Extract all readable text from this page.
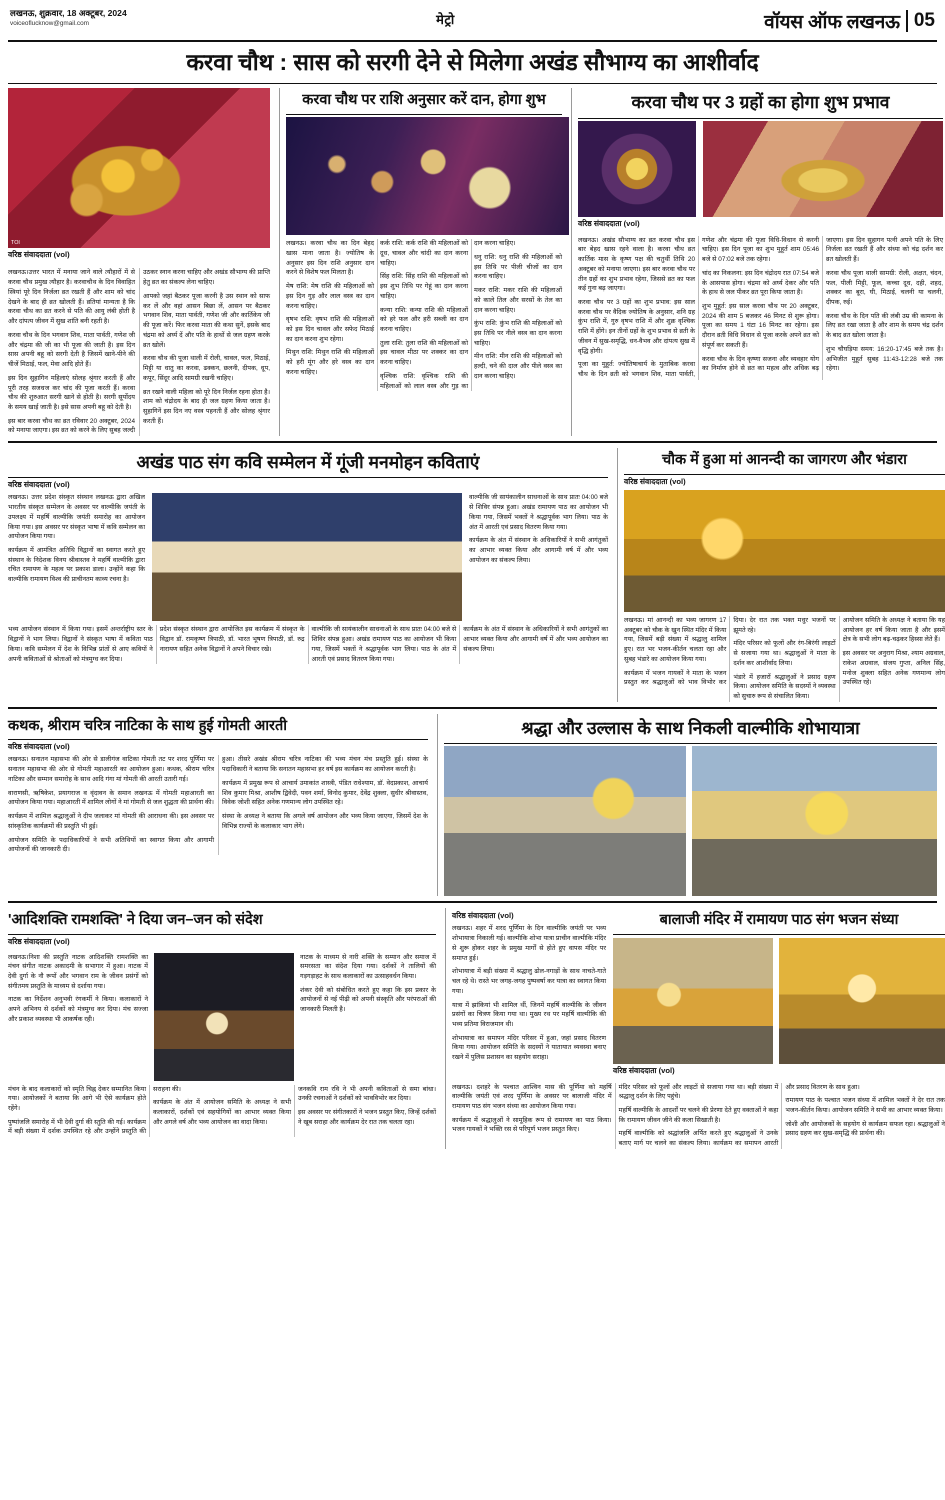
लखनऊ, शुक्रवार, 18 अक्टूबर, 2024
voiceoflucknow@gmail.com	मेट्रो	वॉयस ऑफ लखनऊ 05
करवा चौथ : सास को सरगी देने से मिलेगा अखंड सौभाग्य का आशीर्वाद
TOI
वरिष्ठ संवाददाता (vol)

लखनऊ।उत्तर भारत में मनाया जाने वाले त्यौहारों में से करवा चौथ प्रमुख त्यौहार है। करवाचौथ के दिन विवाहित स्त्रियां पूरे दिन निर्जला व्रत रखती हैं और शाम को चांद देखने के बाद ही व्रत खोलती हैं। व्रतियां मान्यता है कि करवा चौथ का व्रत करने से पति की आयु लंबी होती है और दांपत्य जीवन में सुख शांति बनी रहती है।

करवा चौथ के दिन भगवान शिव, माता पार्वती, गणेश जी और चंद्रमा की जी का भी पूजा की जाती है। इस दिन सास अपनी बहू को सरगी देती है जिसमें खाने-पीने की चीजें मिठाई, फल, मेवा आदि होते हैं।

इस दिन सुहागिन महिलाएं सोलह श्रृंगार करती हैं और पूरी तरह सजधज कर चांद की पूजा करती हैं। करवा चौथ की शुरुआत सरगी खाने से होती है। सरगी सूर्योदय के समय खाई जाती है। इसे सास अपनी बहू को देती है।

इस बार करवा चौथ का व्रत रविवार 20 अक्टूबर, 2024 को मनाया जाएगा। इस व्रत को करने के लिए सुबह जल्दी उठकर स्नान करना चाहिए और अखंड सौभाग्य की प्राप्ति हेतु व्रत का संकल्प लेना चाहिए।

आपको जहां बैठकर पूजा करनी है उस स्थान को साफ कर लें और वहां आसन बिछा लें, आसन पर बैठकर भगवान शिव, माता पार्वती, गणेश जी और कार्तिकेय जी की पूजा करें। फिर करवा माता की कथा सुनें, इसके बाद चंद्रमा को अर्घ्य दें और पति के हाथों से जल ग्रहण करके व्रत खोलें।

करवा चौथ की पूजा थाली में रोली, चावल, फल, मिठाई, मिट्टी या धातु का करवा, ढक्कन, छलनी, दीपक, धूप, कपूर, सिंदूर आदि सामग्री रखनी चाहिए।

व्रत रखने वाली महिला को पूरे दिन निर्जल रहना होता है। शाम को चंद्रोदय के बाद ही जल ग्रहण किया जाता है। सुहागिनें इस दिन नए वस्त्र पहनती हैं और सोलह श्रृंगार करती हैं।

करवा चौथ पर राशि अनुसार करें दान, होगा शुभ

लखनऊ। करवा चौथ का दिन बेहद खास माना जाता है। ज्योतिष के अनुसार इस दिन राशि अनुसार दान करने से विशेष फल मिलता है।

मेष राशि: मेष राशि की महिलाओं को इस दिन गुड़ और लाल वस्त्र का दान करना चाहिए।

वृषभ राशि: वृषभ राशि की महिलाओं को इस दिन चावल और सफेद मिठाई का दान करना शुभ रहेगा।

मिथुन राशि: मिथुन राशि की महिलाओं को हरी मूंग और हरे वस्त्र का दान करना चाहिए।

कर्क राशि: कर्क राशि की महिलाओं को दूध, चावल और चांदी का दान करना चाहिए।

सिंह राशि: सिंह राशि की महिलाओं को इस शुभ तिथि पर गेहूं का दान करना चाहिए।

कन्या राशि: कन्या राशि की महिलाओं को हरे फल और हरी सब्जी का दान करना चाहिए।

तुला राशि: तुला राशि की महिलाओं को इस चावल मीठा पर शक्कर का दान करना चाहिए।

वृश्चिक राशि: वृश्चिक राशि की महिलाओं को लाल वस्त्र और गुड़ का दान करना चाहिए।

धनु राशि: धनु राशि की महिलाओं को इस तिथि पर पीली चीजों का दान करना चाहिए।

मकर राशि: मकर राशि की महिलाओं को काले तिल और सरसों के तेल का दान करना चाहिए।

कुंभ राशि: कुंभ राशि की महिलाओं को इस तिथि पर नीले वस्त्र का दान करना चाहिए।

मीन राशि: मीन राशि की महिलाओं को हल्दी, चने की दाल और पीले वस्त्र का दान करना चाहिए।

करवा चौथ पर 3 ग्रहों का होगा शुभ प्रभाव
वरिष्ठ संवाददाता (vol)

लखनऊ। अखंड सौभाग्य का व्रत करवा चौथ इस बार बेहद खास रहने वाला है। करवा चौथ व्रत कार्तिक मास के कृष्ण पक्ष की चतुर्थी तिथि 20 अक्टूबर को मनाया जाएगा। इस बार करवा चौथ पर तीन ग्रहों का शुभ प्रभाव रहेगा, जिससे व्रत का फल कई गुना बढ़ जाएगा।

करवा चौथ पर 3 ग्रहों का शुभ प्रभाव: इस साल करवा चौथ पर वैदिक ज्योतिष के अनुसार, शनि ग्रह कुंभ राशि में, गुरु वृषभ राशि में और शुक्र वृश्चिक राशि में होंगे। इन तीनों ग्रहों के शुभ प्रभाव से व्रती के जीवन में सुख-समृद्धि, धन-वैभव और दांपत्य सुख में वृद्धि होगी।

पूजा का मुहूर्त: ज्योतिषाचार्य के मुताबिक करवा चौथ के दिन व्रती को भगवान शिव, माता पार्वती, गणेश और चंद्रमा की पूजा विधि-विधान से करनी चाहिए। इस दिन पूजा का शुभ मुहूर्त शाम 05:46 बजे से 07:02 बजे तक रहेगा।

चांद का निकलना: इस दिन चंद्रोदय रात 07:54 बजे के आसपास होगा। चंद्रमा को अर्घ्य देकर और पति के हाथ से जल पीकर व्रत पूरा किया जाता है।

शुभ मुहूर्त: इस साल करवा चौथ पर 20 अक्टूबर, 2024 की शाम 5 बजकर 46 मिनट से शुरू होगा। पूजा का समय 1 घंटा 16 मिनट का रहेगा। इस दौरान व्रती विधि विधान से पूजा करके अपने व्रत को संपूर्ण कर सकती हैं।

करवा चौथ के दिन कृष्णा सजना और व्यवहार योग का निर्माण होने से व्रत का महत्व और अधिक बढ़ जाएगा। इस दिन सुहागन पत्नी अपने पति के लिए निर्जला व्रत रखती हैं और संध्या को चंद्र दर्शन कर व्रत खोलती हैं।

करवा चौथ पूजा थाली सामग्री: रोली, अक्षत, चंदन, फल, पीली मिट्टी, फूल, कच्चा दूध, दही, शहद, शक्कर का बूरा, घी, मिठाई, चलनी या चलनी, दीपक, रुई।

करवा चौथ के दिन पति की लंबी उम्र की कामना के लिए व्रत रखा जाता है और शाम के समय चंद्र दर्शन के बाद व्रत खोला जाता है।

शुभ चौघड़िया समय: 16:20-17:45 बजे तक है। अभिजीत मुहूर्त सुबह 11:43-12:28 बजे तक रहेगा।

अखंड पाठ संग कवि सम्मेलन में गूंजी मनमोहन कविताएं
वरिष्ठ संवाददाता (vol)

लखनऊ। उत्तर प्रदेश संस्कृत संस्थान लखनऊ द्वारा अखिल भारतीय संस्कृत सम्मेलन के अवसर पर वाल्मीकि जयंती के उपलक्ष्य में महर्षि वाल्मीकि जयंती समारोह का आयोजन किया गया। इस अवसर पर संस्कृत भाषा में कवि सम्मेलन का आयोजन किया गया।

कार्यक्रम में आमंत्रित अतिथि विद्वानों का स्वागत करते हुए संस्थान के निदेशक विनय श्रीवास्तव ने महर्षि वाल्मीकि द्वारा रचित रामायण के महत्व पर प्रकाश डाला। उन्होंने कहा कि वाल्मीकि रामायण विश्व की प्राचीनतम काव्य रचना है।

वाल्मीकि जी सायंकालीन साधनाओं के साथ प्रातः 04:00 बजे से शिविर संपन्न हुआ। अखंड रामायण पाठ का आयोजन भी किया गया, जिसमें भक्तों ने श्रद्धापूर्वक भाग लिया। पाठ के अंत में आरती एवं प्रसाद वितरण किया गया।

कार्यक्रम के अंत में संस्थान के अधिकारियों ने सभी आगंतुकों का आभार व्यक्त किया और आगामी वर्ष में और भव्य आयोजन का संकल्प लिया।

भव्य आयोजन संस्थान में किया गया। इसमें अन्तर्राष्ट्रीय स्तर के विद्वानों ने भाग लिया। विद्वानों ने संस्कृत भाषा में कविता पाठ किया। कवि सम्मेलन में देश के विभिन्न प्रांतों से आए कवियों ने अपनी कविताओं से श्रोताओं को मंत्रमुग्ध कर दिया।

प्रदेश संस्कृत संस्थान द्वारा आयोजित इस कार्यक्रम में संस्कृत के विद्वान डॉ. रामकृष्ण त्रिपाठी, डॉ. भारत भूषण त्रिपाठी, डॉ. रुद्र नारायण सहित अनेक विद्वानों ने अपने विचार रखे।

वाल्मीकि जी सायंकालीन साधनाओं के साथ प्रातः 04:00 बजे से शिविर संपन्न हुआ। अखंड रामायण पाठ का आयोजन भी किया गया, जिसमें भक्तों ने श्रद्धापूर्वक भाग लिया। पाठ के अंत में आरती एवं प्रसाद वितरण किया गया।

कार्यक्रम के अंत में संस्थान के अधिकारियों ने सभी आगंतुकों का आभार व्यक्त किया और आगामी वर्ष में और भव्य आयोजन का संकल्प लिया।

चौक में हुआ मां आनन्दी का जागरण और भंडारा
वरिष्ठ संवाददाता (vol)

लखनऊ। मां आनन्दी का भव्य जागरण 17 अक्टूबर को चौक के खुन स्थित मंदिर में किया गया, जिसमें बड़ी संख्या में श्रद्धालु शामिल हुए। रात भर भजन-कीर्तन चलता रहा और सुबह भंडारे का आयोजन किया गया।

कार्यक्रम में भजन गायकों ने माता के भजन प्रस्तुत कर श्रद्धालुओं को भाव विभोर कर दिया। देर रात तक भक्त मधुर भजनों पर झूमते रहे।

मंदिर परिसर को फूलों और रंग-बिरंगी लाइटों से सजाया गया था। श्रद्धालुओं ने माता के दर्शन कर आशीर्वाद लिया।

भंडारे में हजारों श्रद्धालुओं ने प्रसाद ग्रहण किया। आयोजन समिति के सदस्यों ने व्यवस्था को सुचारु रूप से संचालित किया।

आयोजन समिति के अध्यक्ष ने बताया कि यह आयोजन हर वर्ष किया जाता है और इसमें क्षेत्र के सभी लोग बढ़-चढ़कर हिस्सा लेते हैं।

इस अवसर पर अनुराग मिश्रा, श्याम अग्रवाल, राकेश अग्रवाल, संजय गुप्ता, अनिल सिंह, मनोज शुक्ला सहित अनेक गणमान्य लोग उपस्थित रहे।

कथक, श्रीराम चरित्र नाटिका के साथ हुई गोमती आरती
वरिष्ठ संवाददाता (vol)

लखनऊ। सनातन महासभा की ओर से डालीगंज वाटिका गोमती तट पर शरद पूर्णिमा पर सनातन महासभा की ओर से गोमती महाआरती का आयोजन हुआ। कथक, श्रीराम चरित्र नाटिका और सम्मान समारोह के साथ आदि गंगा मां गोमती की आरती उतारी गई।

वाराणसी, ऋषिकेश, प्रयागराज व वृंदावन के समान लखनऊ में गोमती महाआरती का आयोजन किया गया। महाआरती में शामिल लोगों ने मां गोमती से जल शुद्धता की प्रार्थना की।

कार्यक्रम में शामिल श्रद्धालुओं ने दीप जलाकर मां गोमती की आराधना की। इस अवसर पर सांस्कृतिक कार्यक्रमों की प्रस्तुति भी हुई।

आयोजन समिति के पदाधिकारियों ने सभी अतिथियों का स्वागत किया और आगामी आयोजनों की जानकारी दी।

हुआ। तीसरे अखंड श्रीराम चरित्र नाटिका की भव्य मंचन मंच प्रस्तुति हुई। संस्था के पदाधिकारी ने बताया कि सनातन महासभा हर वर्ष इस कार्यक्रम का आयोजन करती है।

कार्यक्रम में प्रमुख रूप से आचार्य उमाकांत शास्त्री, पंडित राधेश्याम, डॉ. वेदप्रकाश, आचार्य शिव कुमार मिश्रा, आशीष द्विवेदी, पवन शर्मा, विनोद कुमार, देवेंद्र शुक्ला, सुधीर श्रीवास्तव, विवेक जोशी सहित अनेक गणमान्य लोग उपस्थित रहे।

संस्था के अध्यक्ष ने बताया कि अगले वर्ष आयोजन और भव्य किया जाएगा, जिसमें देश के विभिन्न राज्यों के कलाकार भाग लेंगे।

श्रद्धा और उल्लास के साथ निकली वाल्मीकि शोभायात्रा
'आदिशक्ति रामशक्ति' ने दिया जन–जन को संदेश
वरिष्ठ संवाददाता (vol)

लखनऊ।निशा की प्रस्तुति नाटक आदिशक्ति रामशक्ति का मंचन संगीत नाटक अकादमी के सभागार में हुआ। नाटक में देवी दुर्गा के नौ रूपों और भगवान राम के जीवन प्रसंगों को संगीतमय प्रस्तुति के माध्यम से दर्शाया गया।

नाटक का निर्देशन अनुभवी रंगकर्मी ने किया। कलाकारों ने अपने अभिनय से दर्शकों को मंत्रमुग्ध कर दिया। मंच सज्जा और प्रकाश व्यवस्था भी आकर्षक रही।

नाटक के माध्यम से नारी शक्ति के सम्मान और समाज में समरसता का संदेश दिया गया। दर्शकों ने तालियों की गड़गड़ाहट के साथ कलाकारों का उत्साहवर्धन किया।

शंकर देवी को संबोधित करते हुए कहा कि इस प्रकार के आयोजनों से नई पीढ़ी को अपनी संस्कृति और परंपराओं की जानकारी मिलती है।

मंचन के बाद कलाकारों को स्मृति चिह्न देकर सम्मानित किया गया। आयोजकों ने बताया कि आगे भी ऐसे कार्यक्रम होते रहेंगे।

पुष्पांजलि समारोह में भी देवी दुर्गा की स्तुति की गई। कार्यक्रम में बड़ी संख्या में दर्शक उपस्थित रहे और उन्होंने प्रस्तुति की सराहना की।

कार्यक्रम के अंत में आयोजन समिति के अध्यक्ष ने सभी कलाकारों, दर्शकों एवं सहयोगियों का आभार व्यक्त किया और अगले वर्ष और भव्य आयोजन का वादा किया।

जनकवि राम रवि ने भी अपनी कविताओं से समा बांधा। उनकी रचनाओं ने दर्शकों को भावविभोर कर दिया।

इस अवसर पर संगीतकारों ने भजन प्रस्तुत किए, जिन्हें दर्शकों ने खूब सराहा और कार्यक्रम देर रात तक चलता रहा।

वरिष्ठ संवाददाता (vol)

लखनऊ। शहर में शरद पूर्णिमा के दिन वाल्मीकि जयंती पर भव्य शोभायात्रा निकाली गई। वाल्मीकि शोभा यात्रा प्राचीन वाल्मीकि मंदिर से शुरू होकर शहर के प्रमुख मार्गों से होते हुए वापस मंदिर पर समाप्त हुई।

शोभायात्रा में बड़ी संख्या में श्रद्धालु ढोल-नगाड़ों के साथ नाचते-गाते चल रहे थे। रास्ते भर जगह-जगह पुष्पवर्षा कर यात्रा का स्वागत किया गया।

यात्रा में झांकियां भी शामिल थीं, जिनमें महर्षि वाल्मीकि के जीवन प्रसंगों का चित्रण किया गया था। मुख्य रथ पर महर्षि वाल्मीकि की भव्य प्रतिमा विराजमान थी।

शोभायात्रा का समापन मंदिर परिसर में हुआ, जहां प्रसाद वितरण किया गया। आयोजन समिति के सदस्यों ने यातायात व्यवस्था बनाए रखने में पुलिस प्रशासन का सहयोग सराहा।

बालाजी मंदिर में रामायण पाठ संग भजन संध्या
वरिष्ठ संवाददाता (vol)

लखनऊ। दशहरे के पश्चात आश्विन मास की पूर्णिमा को महर्षि वाल्मीकि जयंती एवं शरद पूर्णिमा के अवसर पर बालाजी मंदिर में रामायण पाठ संग भजन संध्या का आयोजन किया गया।

कार्यक्रम में श्रद्धालुओं ने सामूहिक रूप से रामायण का पाठ किया। भजन गायकों ने भक्ति रस से परिपूर्ण भजन प्रस्तुत किए।

मंदिर परिसर को फूलों और लाइटों से सजाया गया था। बड़ी संख्या में श्रद्धालु दर्शन के लिए पहुंचे।

महर्षि वाल्मीकि के आदर्शों पर चलने की प्रेरणा देते हुए वक्ताओं ने कहा कि रामायण जीवन जीने की कला सिखाती है।

महर्षि वाल्मीकि को श्रद्धांजलि अर्पित करते हुए श्रद्धालुओं ने उनके बताए मार्ग पर चलने का संकल्प लिया। कार्यक्रम का समापन आरती और प्रसाद वितरण के साथ हुआ।

रामायण पाठ के पश्चात भजन संध्या में शामिल भक्तों ने देर रात तक भजन-कीर्तन किया। आयोजन समिति ने सभी का आभार व्यक्त किया।

जोशी और आयोजकों के सहयोग से कार्यक्रम सफल रहा। श्रद्धालुओं ने प्रसाद ग्रहण कर सुख-समृद्धि की प्रार्थना की।
